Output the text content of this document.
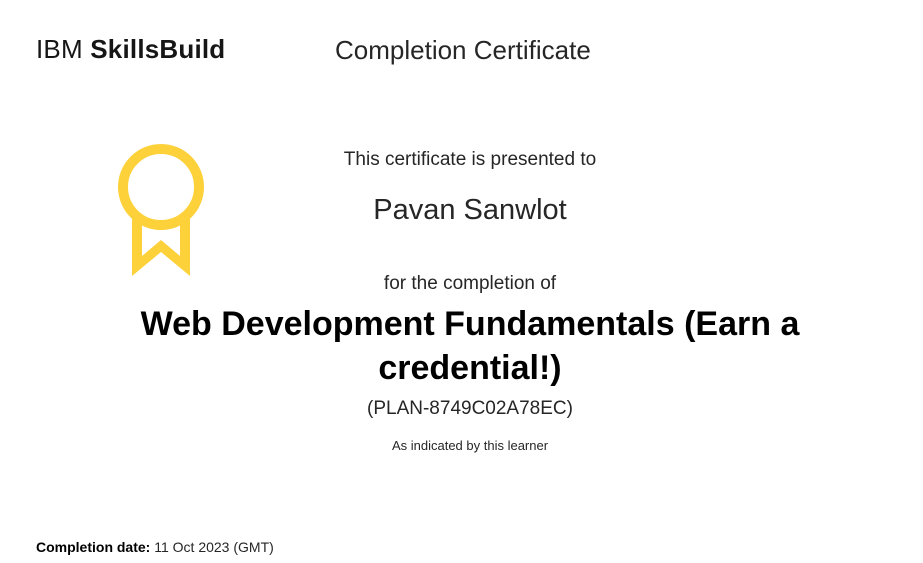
IBM SkillsBuild	Completion Certificate
This certificate is presented to
Pavan Sanwlot
for the completion of
Web Development Fundamentals (Earn a credential!)
(PLAN-8749C02A78EC)
As indicated by this learner
Completion date: 11 Oct 2023 (GMT)
